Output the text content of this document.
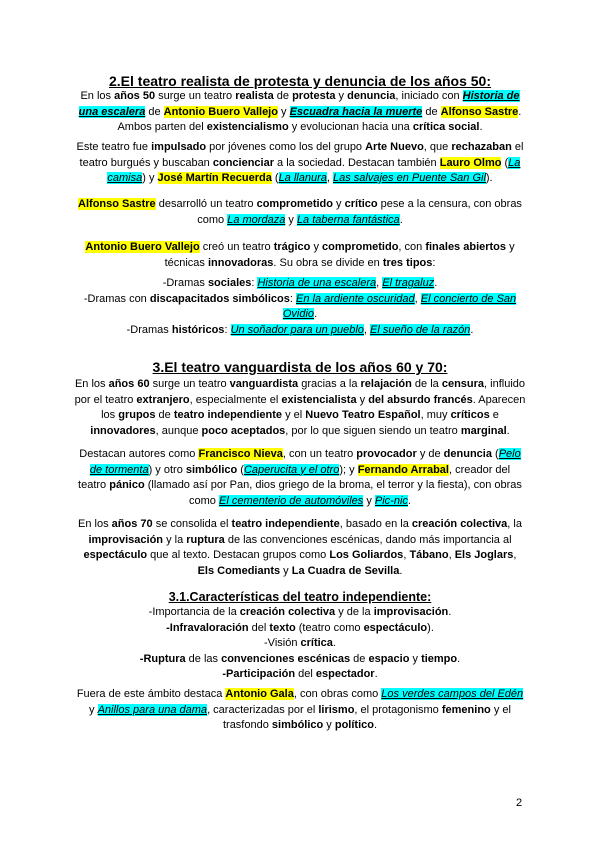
2.El teatro realista de protesta y denuncia de los años 50:
En los años 50 surge un teatro realista de protesta y denuncia, iniciado con Historia de
una escalera de Antonio Buero Vallejo y Escuadra hacia la muerte de Alfonso Sastre.
Ambos parten del existencialismo y evolucionan hacia una crítica social.
Este teatro fue impulsado por jóvenes como los del grupo Arte Nuevo, que rechazaban el
teatro burgués y buscaban concienciar a la sociedad. Destacan también Lauro Olmo (La
camisa) y José Martín Recuerda (La llanura, Las salvajes en Puente San Gil).
Alfonso Sastre desarrolló un teatro comprometido y crítico pese a la censura, con obras
como La mordaza y La taberna fantástica.
Antonio Buero Vallejo creó un teatro trágico y comprometido, con finales abiertos y
técnicas innovadoras. Su obra se divide en tres tipos:
-Dramas sociales: Historia de una escalera, El tragaluz.
-Dramas con discapacitados simbólicos: En la ardiente oscuridad, El concierto de San
Ovidio.
-Dramas históricos: Un soñador para un pueblo, El sueño de la razón.
3.El teatro vanguardista de los años 60 y 70:
En los años 60 surge un teatro vanguardista gracias a la relajación de la censura, influido
por el teatro extranjero, especialmente el existencialista y del absurdo francés. Aparecen
los grupos de teatro independiente y el Nuevo Teatro Español, muy críticos e
innovadores, aunque poco aceptados, por lo que siguen siendo un teatro marginal.
Destacan autores como Francisco Nieva, con un teatro provocador y de denuncia (Pelo
de tormenta) y otro simbólico (Caperucita y el otro); y Fernando Arrabal, creador del
teatro pánico (llamado así por Pan, dios griego de la broma, el terror y la fiesta), con obras
como El cementerio de automóviles y Pic-nic.
En los años 70 se consolida el teatro independiente, basado en la creación colectiva, la
improvisación y la ruptura de las convenciones escénicas, dando más importancia al
espectáculo que al texto. Destacan grupos como Los Goliardos, Tábano, Els Joglars,
Els Comediants y La Cuadra de Sevilla.
3.1.Características del teatro independiente:
-Importancia de la creación colectiva y de la improvisación.
-Infravaloración del texto (teatro como espectáculo).
-Visión crítica.
-Ruptura de las convenciones escénicas de espacio y tiempo.
-Participación del espectador.
Fuera de este ámbito destaca Antonio Gala, con obras como Los verdes campos del Edén
y Anillos para una dama, caracterizadas por el lirismo, el protagonismo femenino y el
trasfondo simbólico y político.
2
